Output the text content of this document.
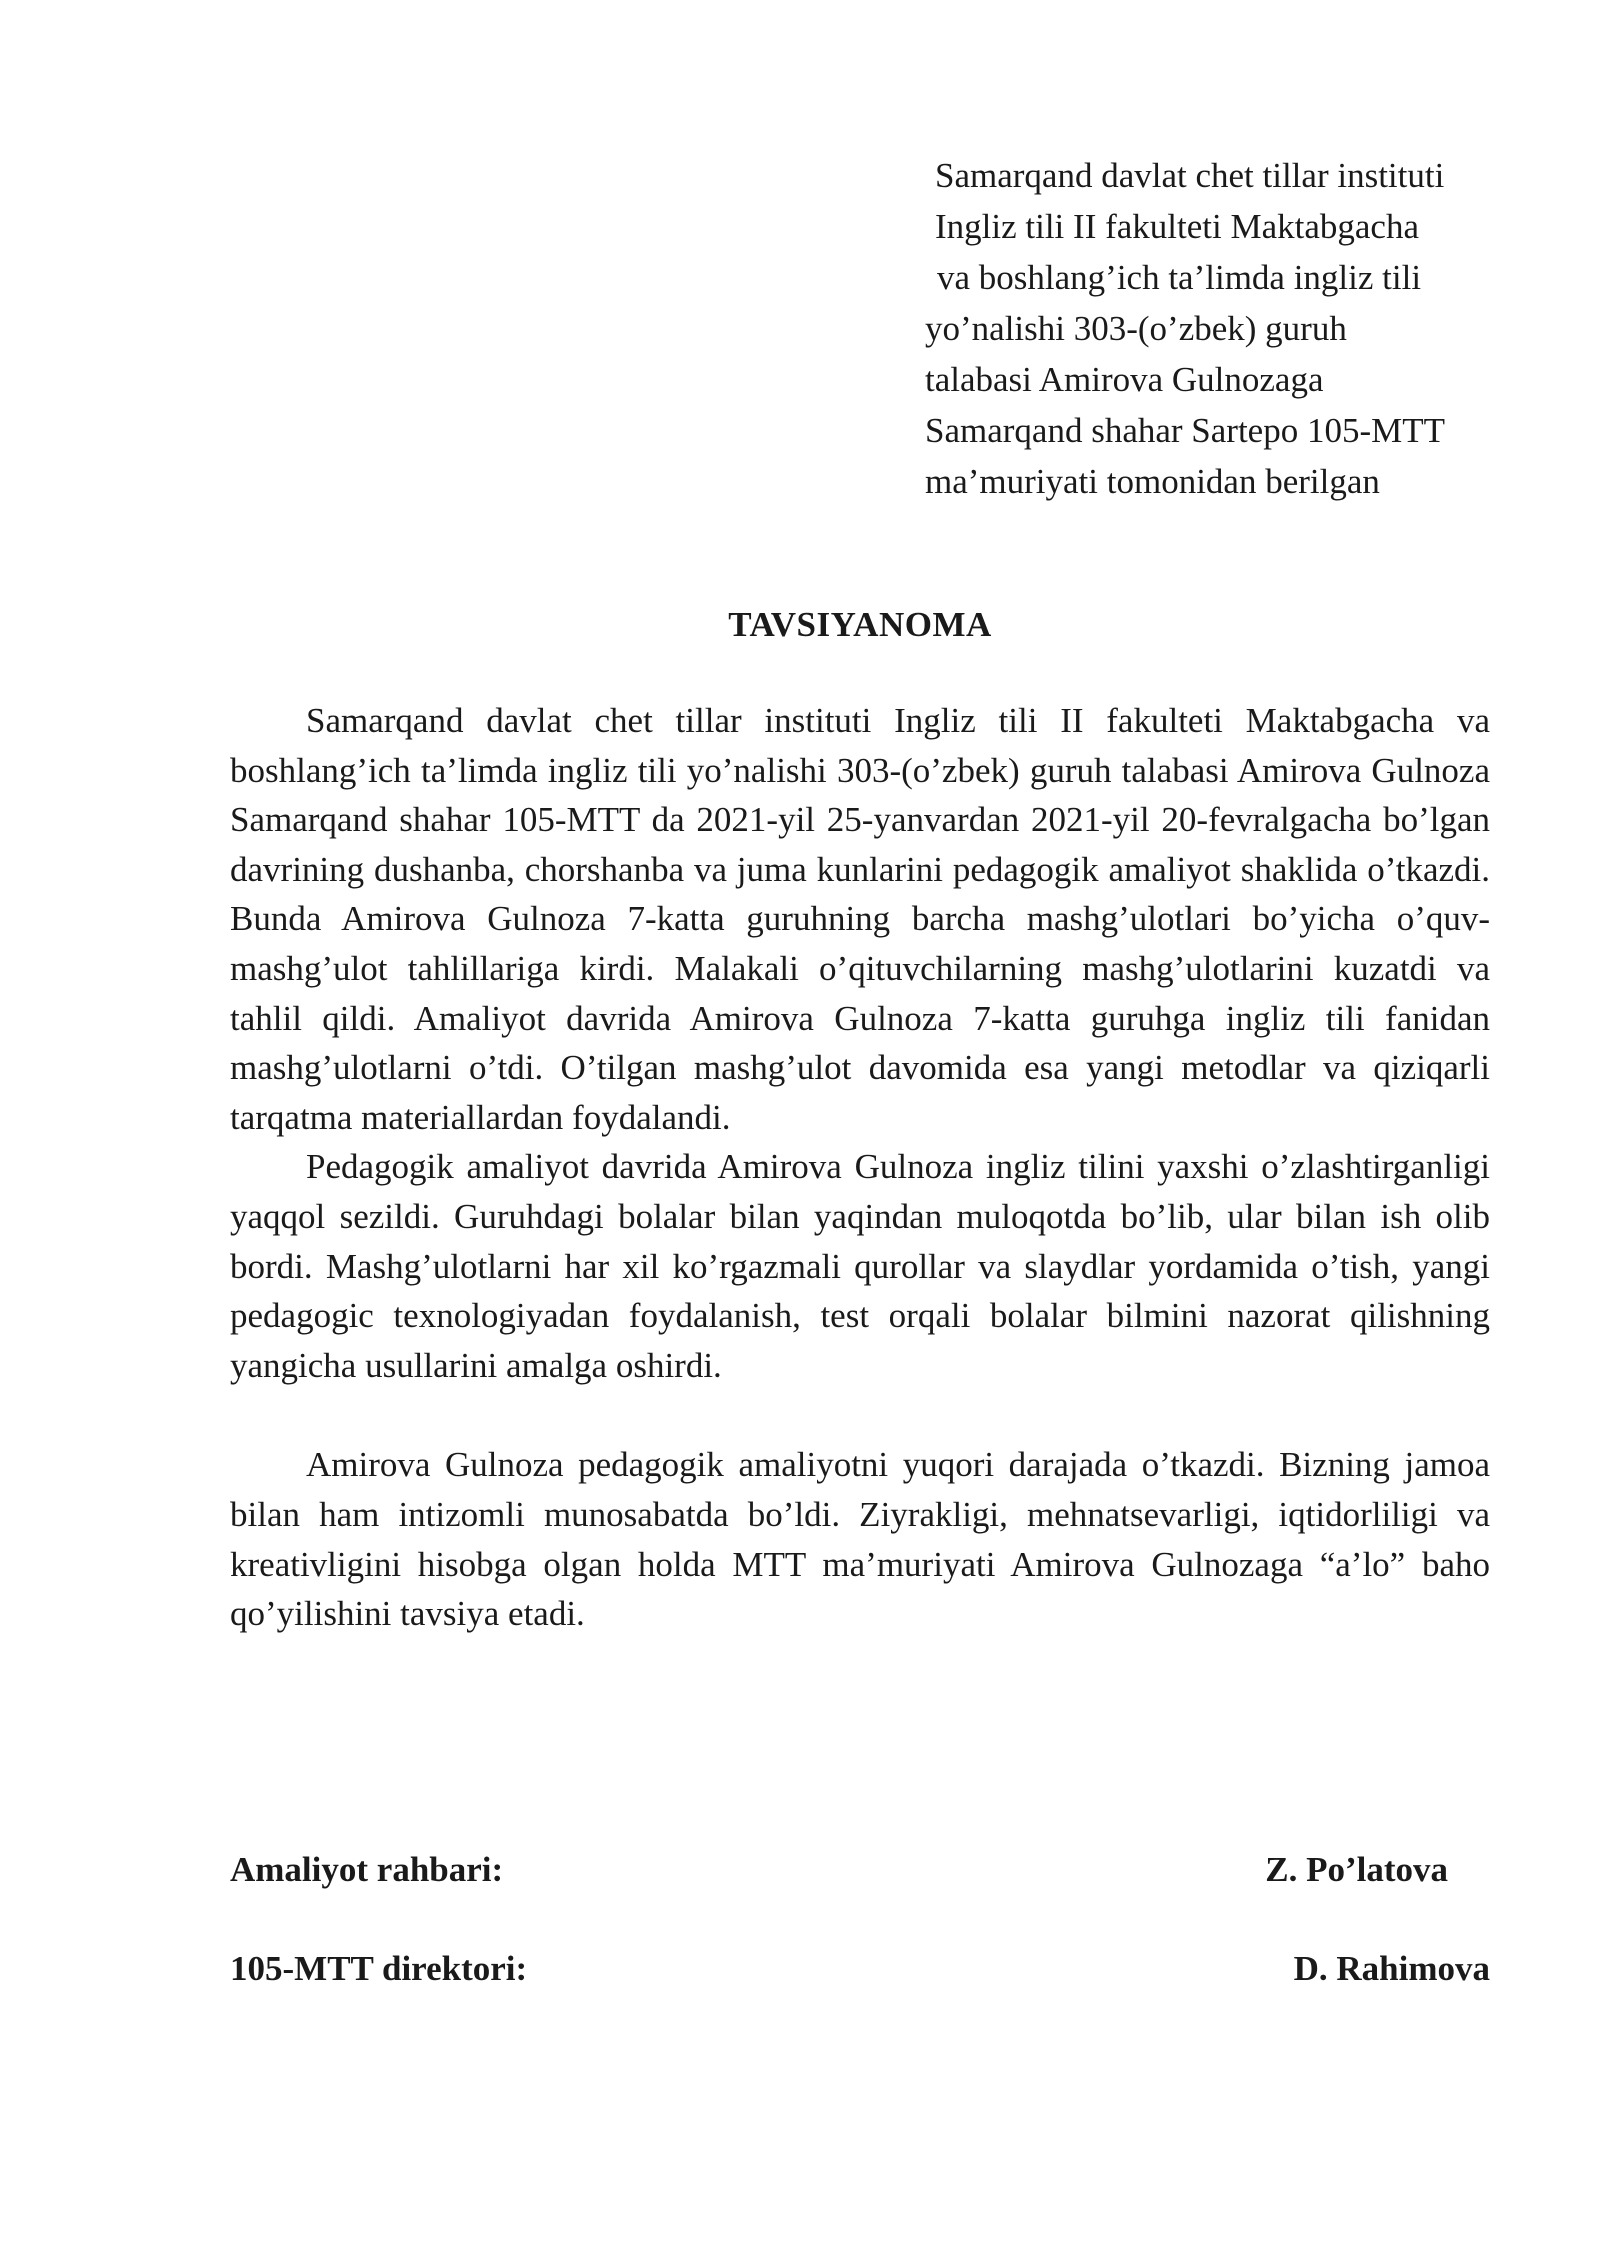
Samarqand davlat chet tillar instituti
Ingliz tili II fakulteti Maktabgacha
va boshlang’ich ta’limda ingliz tili
yo’nalishi 303-(o’zbek) guruh
talabasi Amirova Gulnozaga
Samarqand shahar Sartepo 105-MTT
ma’muriyati tomonidan berilgan
TAVSIYANOMA

Samarqand davlat chet tillar instituti Ingliz tili II fakulteti Maktabgacha va boshlang’ich ta’limda ingliz tili yo’nalishi 303-(o’zbek) guruh talabasi Amirova Gulnoza Samarqand shahar 105-MTT da 2021-yil 25-yanvardan 2021-yil 20-fevralgacha bo’lgan davrining dushanba, chorshanba va juma kunlarini pedagogik amaliyot shaklida o’tkazdi. Bunda Amirova Gulnoza 7-katta guruhning barcha mashg’ulotlari bo’yicha o’quv-mashg’ulot tahlillariga kirdi. Malakali o’qituvchilarning mashg’ulotlarini kuzatdi va tahlil qildi. Amaliyot davrida Amirova Gulnoza 7-katta guruhga ingliz tili fanidan mashg’ulotlarni o’tdi. O’tilgan mashg’ulot davomida esa yangi metodlar va qiziqarli tarqatma materiallardan foydalandi.

Pedagogik amaliyot davrida Amirova Gulnoza ingliz tilini yaxshi o’zlashtirganligi yaqqol sezildi. Guruhdagi bolalar bilan yaqindan muloqotda bo’lib, ular bilan ish olib bordi. Mashg’ulotlarni har xil ko’rgazmali qurollar va slaydlar yordamida o’tish, yangi pedagogic texnologiyadan foydalanish, test orqali bolalar bilmini nazorat qilishning yangicha usullarini amalga oshirdi.

Amirova Gulnoza pedagogik amaliyotni yuqori darajada o’tkazdi. Bizning jamoa bilan ham intizomli munosabatda bo’ldi. Ziyrakligi, mehnatsevarligi, iqtidorliligi va kreativligini hisobga olgan holda MTT ma’muriyati Amirova Gulnozaga “a’lo” baho qo’yilishini tavsiya etadi.

Amaliyot rahbari:	Z. Po’latova
105-MTT direktori:	D. Rahimova
